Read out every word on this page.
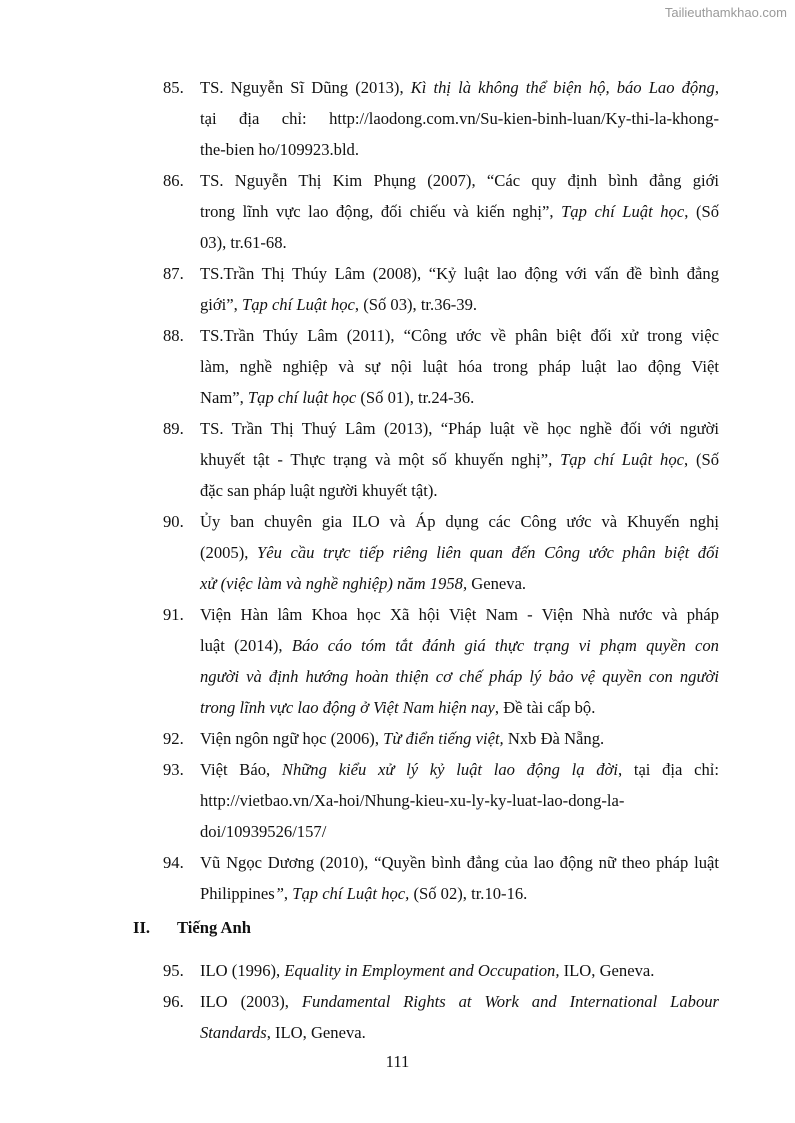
Tailieuthamkhao.com
85. TS. Nguyễn Sĩ Dũng (2013), Kì thị là không thể biện hộ, báo Lao động,
tại địa chỉ: http://laodong.com.vn/Su-kien-binh-luan/Ky-thi-la-khong-
the-bien ho/109923.bld.
86. TS. Nguyễn Thị Kim Phụng (2007), “Các quy định bình đẳng giới
trong lĩnh vực lao động, đối chiếu và kiến nghị”, Tạp chí Luật học, (Số
03), tr.61-68.
87. TS.Trần Thị Thúy Lâm (2008), “Kỷ luật lao động với vấn đề bình đẳng
giới”, Tạp chí Luật học, (Số 03), tr.36-39.
88. TS.Trần Thúy Lâm (2011), “Công ước về phân biệt đối xử trong việc
làm, nghề nghiệp và sự nội luật hóa trong pháp luật lao động Việt
Nam”, Tạp chí luật học (Số 01), tr.24-36.
89. TS. Trần Thị Thuý Lâm (2013), “Pháp luật về học nghề đối với người
khuyết tật - Thực trạng và một số khuyến nghị”, Tạp chí Luật học, (Số
đặc san pháp luật người khuyết tật).
90. Ủy ban chuyên gia ILO và Áp dụng các Công ước và Khuyến nghị
(2005), Yêu cầu trực tiếp riêng liên quan đến Công ước phân biệt đối
xử (việc làm và nghề nghiệp) năm 1958, Geneva.
91. Viện Hàn lâm Khoa học Xã hội Việt Nam - Viện Nhà nước và pháp
luật (2014), Báo cáo tóm tắt đánh giá thực trạng vi phạm quyền con
người và định hướng hoàn thiện cơ chế pháp lý bảo vệ quyền con người
trong lĩnh vực lao động ở Việt Nam hiện nay, Đề tài cấp bộ.
92. Viện ngôn ngữ học (2006), Từ điển tiếng việt, Nxb Đà Nẵng.
93. Việt Báo, Những kiểu xử lý kỷ luật lao động lạ đời, tại địa chỉ:
http://vietbao.vn/Xa-hoi/Nhung-kieu-xu-ly-ky-luat-lao-dong-la-
doi/10939526/157/
94. Vũ Ngọc Dương (2010), “Quyền bình đẳng của lao động nữ theo pháp luật
Philippines”, Tạp chí Luật học, (Số 02), tr.10-16.
II. Tiếng Anh
95. ILO (1996), Equality in Employment and Occupation, ILO, Geneva.
96. ILO (2003), Fundamental Rights at Work and International Labour
Standards, ILO, Geneva.
111
